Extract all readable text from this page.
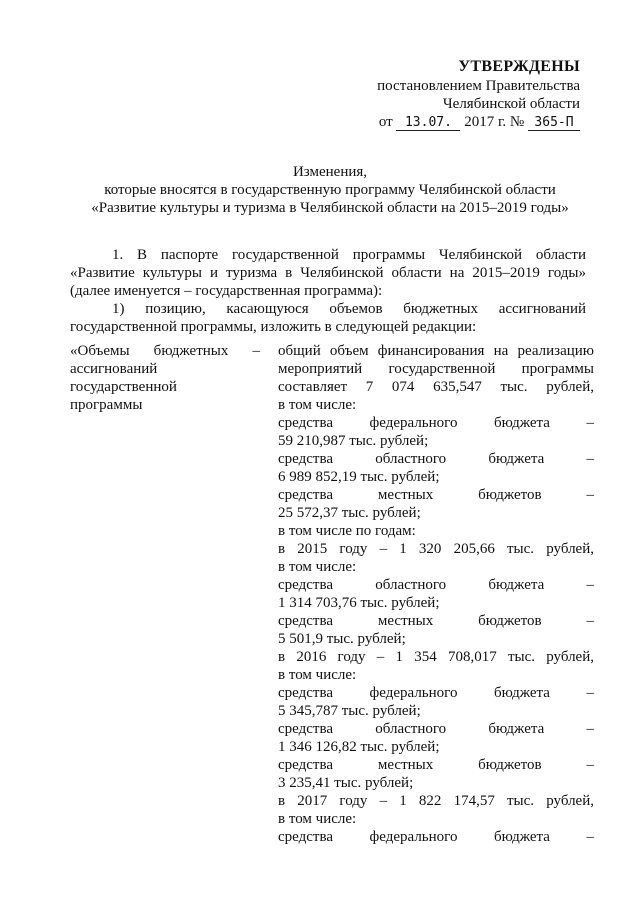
УТВЕРЖДЕНЫ
постановлением Правительства
Челябинской области
от 13.07. 2017 г. № 365-П
Изменения,
которые вносятся в государственную программу Челябинской области
«Развитие культуры и туризма в Челябинской области на 2015–2019 годы»
1. В паспорте государственной программы Челябинской области
«Развитие культуры и туризма в Челябинской области на 2015–2019 годы»
(далее именуется – государственная программа):
1) позицию, касающуюся объемов бюджетных ассигнований
государственной программы, изложить в следующей редакции:
«Объемы бюджетных –
ассигнований
государственной
программы
общий объем финансирования на реализацию
мероприятий государственной программы
составляет 7 074 635,547 тыс. рублей,
в том числе:
средства федерального бюджета –
59 210,987 тыс. рублей;
средства областного бюджета –
6 989 852,19 тыс. рублей;
средства местных бюджетов –
25 572,37 тыс. рублей;
в том числе по годам:
в 2015 году – 1 320 205,66 тыс. рублей,
в том числе:
средства областного бюджета –
1 314 703,76 тыс. рублей;
средства местных бюджетов –
5 501,9 тыс. рублей;
в 2016 году – 1 354 708,017 тыс. рублей,
в том числе:
средства федерального бюджета –
5 345,787 тыс. рублей;
средства областного бюджета –
1 346 126,82 тыс. рублей;
средства местных бюджетов –
3 235,41 тыс. рублей;
в 2017 году – 1 822 174,57 тыс. рублей,
в том числе:
средства федерального бюджета –
